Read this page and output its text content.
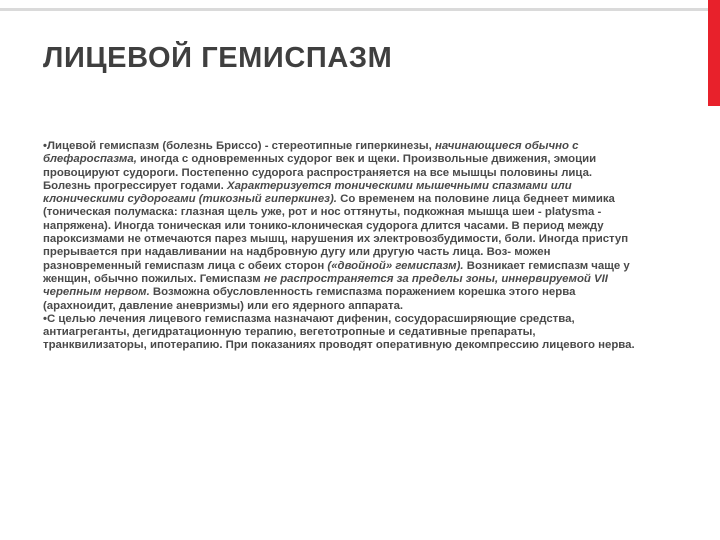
ЛИЦЕВОЙ ГЕМИСПАЗМ

•Лицевой гемиспазм (болезнь Бриссо) - стереотипные гиперкинезы, начинающиеся обычно с блефароспазма, иногда с одновременных судорог век и щеки. Произвольные движения, эмоции провоцируют судороги. Постепенно судорога распространяется на все мышцы половины лица. Болезнь прогрессирует годами. Характеризуется тоническими мышечными спазмами или клоническими судорогами (тикозный гиперкинез). Со временем на половине лица беднеет мимика (тоническая полумаска: глазная щель уже, рот и нос оттянуты, подкожная мышца шеи - platysma - напряжена). Иногда тоническая или тонико-клоническая судорога длится часами. В период между пароксизмами не отмечаются парез мышц, нарушения их электровозбудимости, боли. Иногда приступ прерывается при надавливании на надбровную дугу или другую часть лица. Воз- можен разновременный гемиспазм лица с обеих сторон («двойной» гемиспазм). Возникает гемиспазм чаще у женщин, обычно пожилых. Гемиспазм не распространяется за пределы зоны, иннервируемой VII черепным нервом. Возможна обусловленность гемиспазма поражением корешка этого нерва (арахноидит, давление аневризмы) или его ядерного аппарата.

•С целью лечения лицевого гемиспазма назначают дифенин, сосудорасширяющие средства, антиагреганты, дегидратационную терапию, вегетотропные и седативные препараты, транквилизаторы, ипотерапию. При показаниях проводят оперативную декомпрессию лицевого нерва.
